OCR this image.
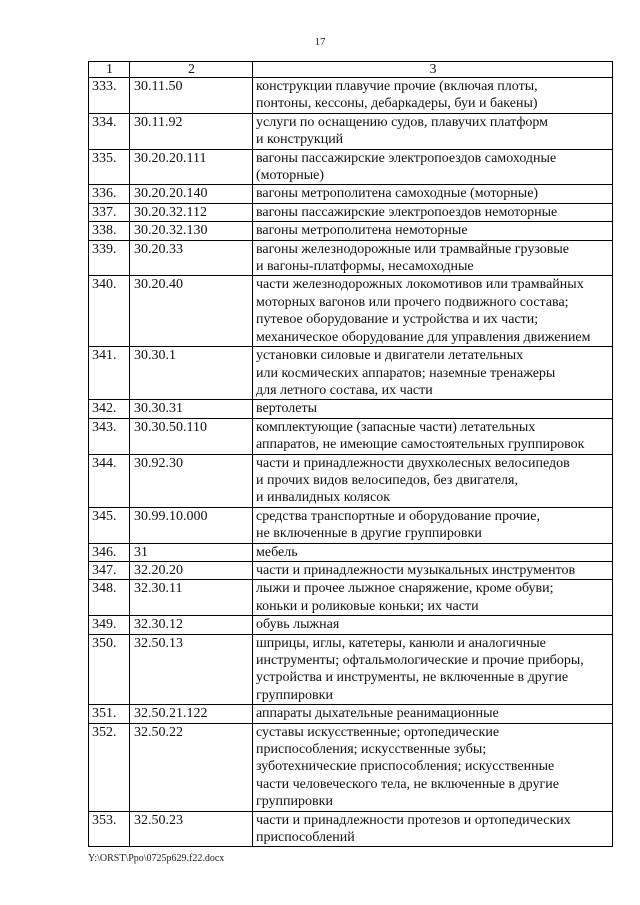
17
1	2	3
333.	30.11.50	конструкции плавучие прочие (включая плоты,
понтоны, кессоны, дебаркадеры, буи и бакены)
334.	30.11.92	услуги по оснащению судов, плавучих платформ
и конструкций
335.	30.20.20.111	вагоны пассажирские электропоездов самоходные
(моторные)
336.	30.20.20.140	вагоны метрополитена самоходные (моторные)
337.	30.20.32.112	вагоны пассажирские электропоездов немоторные
338.	30.20.32.130	вагоны метрополитена немоторные
339.	30.20.33	вагоны железнодорожные или трамвайные грузовые
и вагоны-платформы, несамоходные
340.	30.20.40	части железнодорожных локомотивов или трамвайных
моторных вагонов или прочего подвижного состава;
путевое оборудование и устройства и их части;
механическое оборудование для управления движением
341.	30.30.1	установки силовые и двигатели летательных
или космических аппаратов; наземные тренажеры
для летного состава, их части
342.	30.30.31	вертолеты
343.	30.30.50.110	комплектующие (запасные части) летательных
аппаратов, не имеющие самостоятельных группировок
344.	30.92.30	части и принадлежности двухколесных велосипедов
и прочих видов велосипедов, без двигателя,
и инвалидных колясок
345.	30.99.10.000	средства транспортные и оборудование прочие,
не включенные в другие группировки
346.	31	мебель
347.	32.20.20	части и принадлежности музыкальных инструментов
348.	32.30.11	лыжи и прочее лыжное снаряжение, кроме обуви;
коньки и роликовые коньки; их части
349.	32.30.12	обувь лыжная
350.	32.50.13	шприцы, иглы, катетеры, канюли и аналогичные
инструменты; офтальмологические и прочие приборы,
устройства и инструменты, не включенные в другие
группировки
351.	32.50.21.122	аппараты дыхательные реанимационные
352.	32.50.22	суставы искусственные; ортопедические
приспособления; искусственные зубы;
зуботехнические приспособления; искусственные
части человеческого тела, не включенные в другие
группировки
353.	32.50.23	части и принадлежности протезов и ортопедических
приспособлений
Y:\ORST\Ppo\0725p629.f22.docx
